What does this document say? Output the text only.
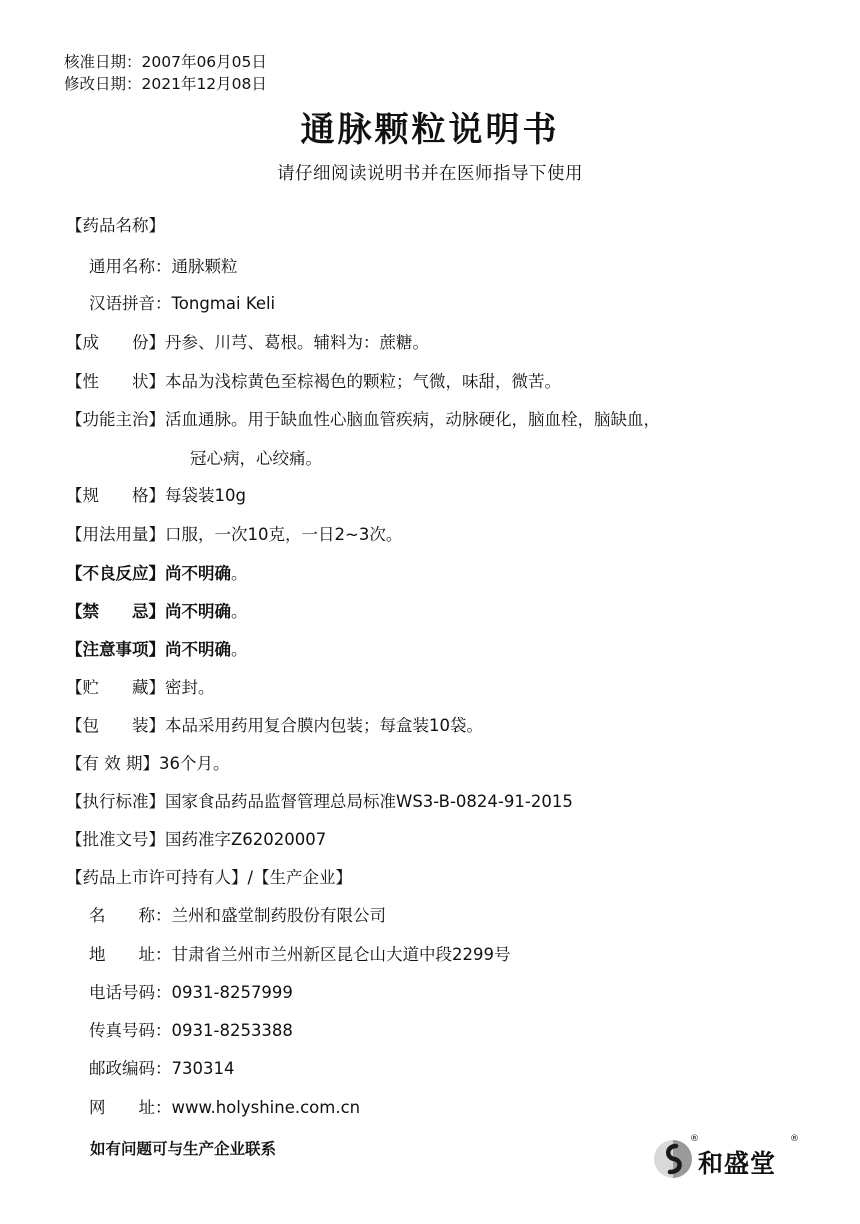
核准日期：2007年06月05日
修改日期：2021年12月08日
通脉颗粒说明书
请仔细阅读说明书并在医师指导下使用
【药品名称】
通用名称：通脉颗粒
汉语拼音：Tongmai Keli
【成　　份】丹参、川芎、葛根。辅料为：蔗糖。
【性　　状】本品为浅棕黄色至棕褐色的颗粒；气微，味甜，微苦。
【功能主治】活血通脉。用于缺血性心脑血管疾病，动脉硬化，脑血栓，脑缺血，
冠心病，心绞痛。
【规　　格】每袋装10g
【用法用量】口服，一次10克，一日2~3次。
【不良反应】尚不明确。
【禁　　忌】尚不明确。
【注意事项】尚不明确。
【贮　　藏】密封。
【包　　装】本品采用药用复合膜内包装；每盒装10袋。
【有 效 期】36个月。
【执行标准】国家食品药品监督管理总局标准WS3-B-0824-91-2015
【批准文号】国药准字Z62020007
【药品上市许可持有人】/【生产企业】
名　　称：兰州和盛堂制药股份有限公司
地　　址：甘肃省兰州市兰州新区昆仑山大道中段2299号
电话号码：0931-8257999
传真号码：0931-8253388
邮政编码：730314
网　　址：www.holyshine.com.cn
如有问题可与生产企业联系
®
和盛堂
®
